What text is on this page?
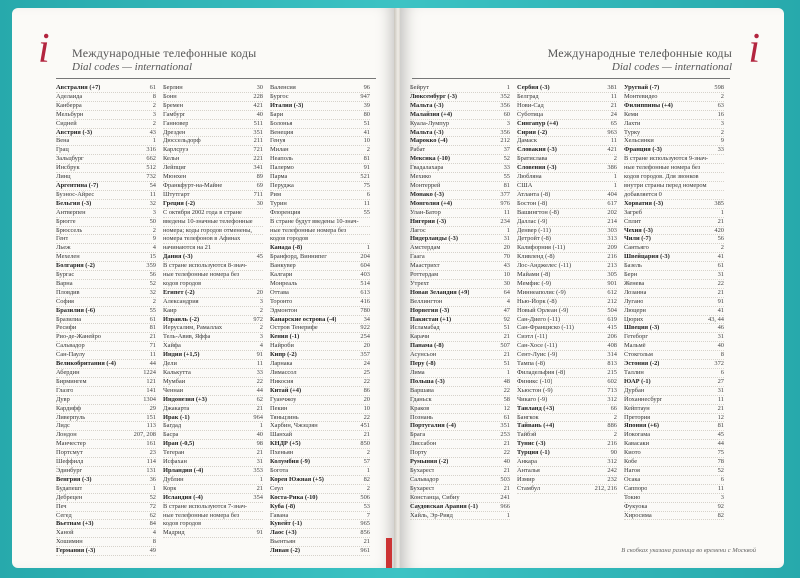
i Международные телефонные коды
Dial codes — international
Австралия (+7)	61
Аделаида	8
Канберра	2
Мельбурн	3
Сидней	2
Австрия (-3)	43
Вена	1
Грац	316
Зальцбург	662
Инсбрук	512
Линц	732
Аргентина (-7)	54
Буэнос-Айрес	11
Бельгия (-3)	32
Антверпен	3
Брюгге	50
Брюссель	2
Гент	9
Льеж	4
Мехелен	15
Болгария (-2)	359
Бургас	56
Варна	52
Пловдив	32
София	2
Бразилия (-6)	55
Бразилиа	61
Ресифи	81
Рио-де-Жанейро	21
Сальвадор	71
Сан-Паулу	11
Великобритания (-4)	44
Абердин	1224
Бирмингем	121
Глазго	141
Дувр	1304
Кардифф	29
Ливерпуль	151
Лидс	113
Лондон	207, 208
Манчестер	161
Портсмут	23
Шеффилд	114
Эдинбург	131
Венгрия (-3)	36
Будапешт	1
Дебрецен	52
Печ	72
Сегед	62
Вьетнам (+3)	84
Ханой	4
Хошимин	8
Германия (-3)	49
Берлин	30
Бонн	228
Бремен	421
Гамбург	40
Ганновер	511
Дрезден	351
Дюссельдорф	211
Карлсруэ	721
Кельн	221
Лейпциг	341
Мюнхен	89
Франкфурт-на-Майне	69
Штутгарт	711
Греция (-2)	30
С октября 2002 года в стране
введены 10-значные телефонные
номера; коды городов отменены,
номера телефонов в Афинах
начинаются на 21
Дания (-3)	45
В стране используются 8-знач-
ные телефонные номера без
кодов городов
Египет (-2)	20
Александрия	3
Каир	2
Израиль (-2)	972
Иерусалим, Рамаллах	2
Тель-Авив, Яффа	3
Хайфа	4
Индия (+1,5)	91
Дели	11
Калькутта	33
Мумбаи	22
Ченнаи	44
Индонезия (+3)	62
Джакарта	21
Ирак (-1)	964
Багдад	1
Басра	40
Иран (-0,5)	98
Тегеран	21
Исфахан	31
Ирландия (-4)	353
Дублин	1
Корк	21
Исландия (-4)	354
В стране используются 7-знач-
ные телефонные номера без
кодов городов
Мадрид	91
Валенсия	96
Бургос	947
Италия (-3)	39
Бари	80
Болонья	51
Венеция	41
Генуя	10
Милан	2
Неаполь	81
Палермо	91
Парма	521
Перуджа	75
Рим	6
Турин	11
Флоренция	55
В стране будут введены 10-знач-
ные телефонные номера без
кодов городов
Канада (-8)	1
Бранфорд, Виннипег	204
Ванкувер	604
Калгари	403
Монреаль	514
Оттава	613
Торонто	416
Эдмонтон	780
Канарские острова (-4)	34
Остров Тенерифе	922
Кения (-1)	254
Найроби	20
Кипр (-2)	357
Ларнака	24
Лимассол	25
Никосия	22
Китай (+4)	86
Гуанчжоу	20
Пекин	10
Тяньцзинь	22
Харбин, Чжэцзян	451
Шанхай	21
КНДР (+5)	850
Пхеньян	2
Колумбия (-9)	57
Богота	1
Корея Южная (+5)	82
Сеул	2
Коста-Рика (-10)	506
Куба (-8)	53
Гавана	7
Кувейт (-1)	965
Лаос (+3)	856
Вьентьян	21
Ливан (-2)	961
i
Международные телефонные коды
Dial codes — international
Бейрут	1
Люксембург (-3)	352
Мальта (-3)	356
Малайзия (+4)	60
Куала-Лумпур	3
Мальта (-3)	356
Марокко (-4)	212
Рабат	37
Мексика (-10)	52
Гвадалахара	33
Мехико	55
Монтеррей	81
Монако (-3)	377
Монголия (+4)	976
Улан-Батор	11
Нигерия (-3)	234
Лагос	1
Нидерланды (-3)	31
Амстердам	20
Гаага	70
Маастрихт	43
Роттердам	10
Утрехт	30
Новая Зеландия (+9)	64
Веллингтон	4
Норвегия (-3)	47
Пакистан (+1)	92
Исламабад	51
Карачи	21
Панама (-8)	507
Асунсьон	21
Перу (-8)	51
Лима	1
Польша (-3)	48
Варшава	22
Гданьск	58
Краков	12
Познань	61
Португалия (-4)	351
Брага	253
Лиссабон	21
Порту	22
Румыния (-2)	40
Бухарест	21
Сальвадор	503
Бухарест	21
Констанца, Сибиу	241
Саудовская Аравия (-1)	966
Хайль, Эр-Рияд	1
Сербия (-3)	381
Белград	11
Нови-Сад	21
Суботица	24
Сингапур (+4)	65
Сирия (-2)	963
Дамаск	11
Словакия (-3)	421
Братислава	2
Словения (-3)	386
Любляна	1
США	1
Атланта (-8)	404
Бостон (-8)	617
Вашингтон (-8)	202
Даллас (-9)	214
Денвер (-11)	303
Детройт (-8)	313
Калифорния (-11)	209
Кливленд (-8)	216
Лос-Анджелес (-11)	213
Майами (-8)	305
Мемфис (-9)	901
Миннеаполис (-9)	612
Нью-Йорк (-8)	212
Новый Орлеан (-9)	504
Сан-Диего (-11)	619
Сан-Франциско (-11)	415
Сиэтл (-11)	206
Сан-Хосе (-11)	408
Сент-Луис (-9)	314
Тампа (-8)	813
Филадельфия (-8)	215
Финикс (-10)	602
Хьюстон (-9)	713
Чикаго (-9)	312
Таиланд (+3)	66
Бангкок	2
Тайвань (+4)	886
Тайбэй	2
Тунис (-3)	216
Турция (-1)	90
Анкара	312
Анталья	242
Измир	232
Стамбул	212, 216
Уругвай (-7)	598
Монтевидео	2
Филиппины (+4)	63
Кеми	16
Лахти	3
Турку	2
Хельсинки	9
Франция (-3)	33
В стране используются 9-знач-
ные телефонные номера без
кодов городов. Для звонков
внутри страны перед номером
добавляется 0
Хорватия (-3)	385
Загреб	1
Сплит	21
Чехия (-3)	420
Чили (-7)	56
Сантьяго	2
Швейцария (-3)	41
Базель	61
Берн	31
Женева	22
Лозанна	21
Лугано	91
Люцерн	41
Цюрих	43, 44
Швеция (-3)	46
Гетеборг	31
Мальмё	40
Стокгольм	8
Эстония (-2)	372
Таллин	6
ЮАР (-1)	27
Дурбан	31
Йоханнесбург	11
Кейптаун	21
Претория	12
Япония (+6)	81
Иокогама	45
Кавасаки	44
Киото	75
Кобе	78
Нагоя	52
Осака	6
Саппоро	11
Токио	3
Фукуока	92
Хиросима	82
В скобках указана разница во времени с Москвой
